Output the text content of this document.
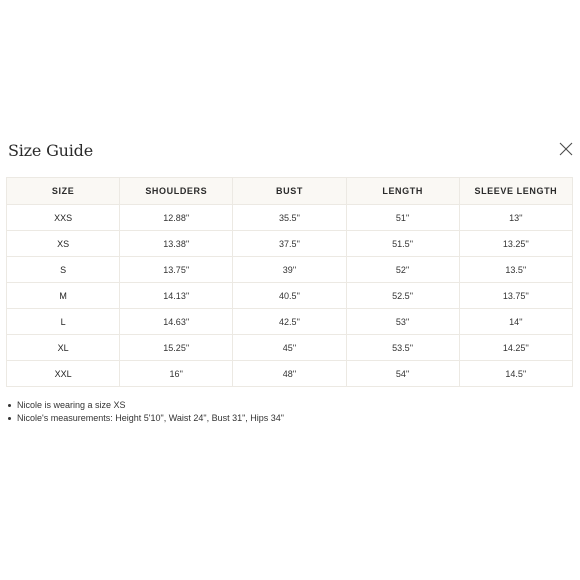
Size Guide
SIZE	SHOULDERS	BUST	LENGTH	SLEEVE LENGTH
XXS	12.88''	35.5''	51''	13''
XS	13.38''	37.5''	51.5''	13.25''
S	13.75''	39''	52''	13.5''
M	14.13''	40.5''	52.5''	13.75''
L	14.63''	42.5''	53''	14''
XL	15.25''	45''	53.5''	14.25''
XXL	16''	48''	54''	14.5''
Nicole is wearing a size XS
Nicole's measurements: Height 5'10", Waist 24", Bust 31", Hips 34"
